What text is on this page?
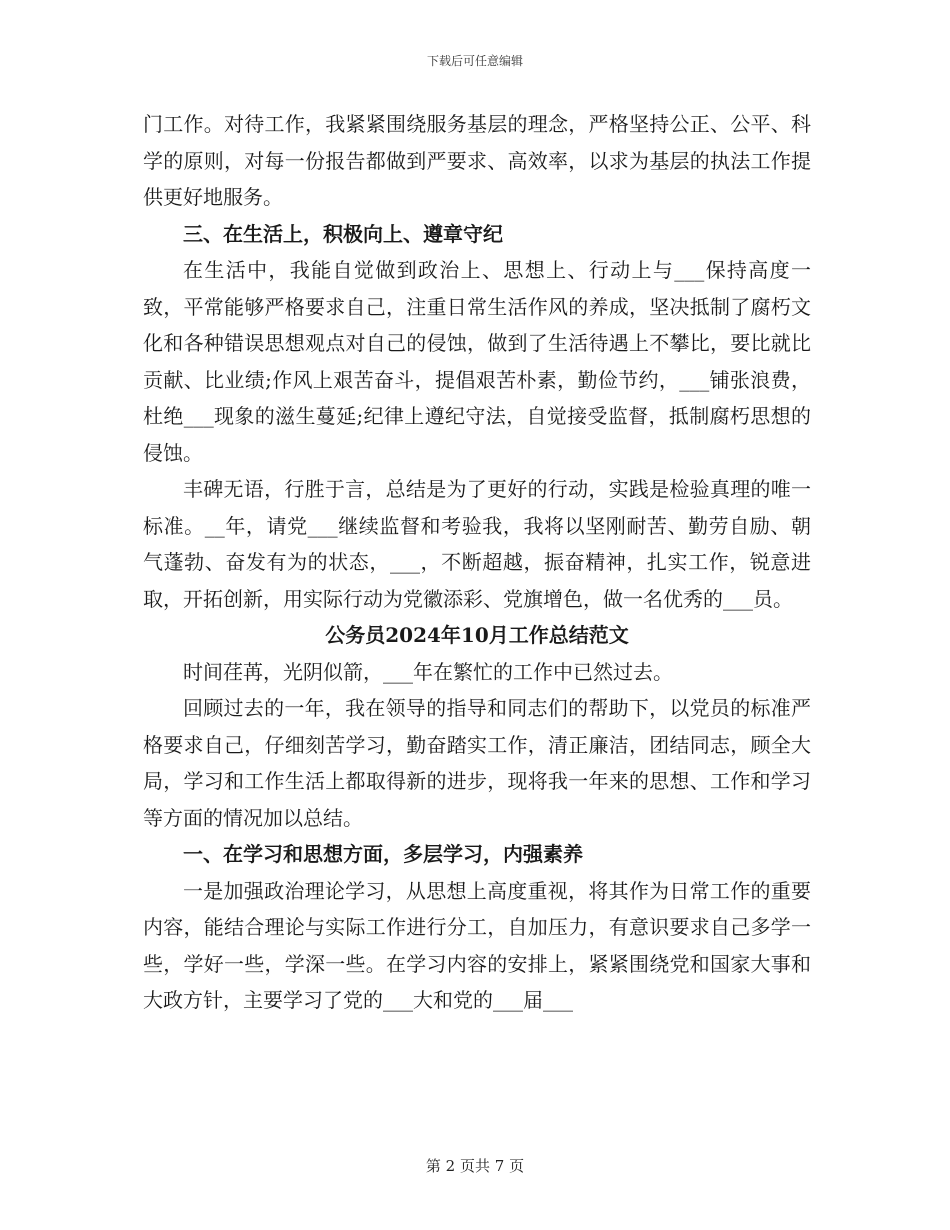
下载后可任意编辑

门工作。对待工作，我紧紧围绕服务基层的理念，严格坚持公正、公平、科学的原则，对每一份报告都做到严要求、高效率，以求为基层的执法工作提供更好地服务。

三、在生活上，积极向上、遵章守纪

在生活中，我能自觉做到政治上、思想上、行动上与___保持高度一致，平常能够严格要求自己，注重日常生活作风的养成，坚决抵制了腐朽文化和各种错误思想观点对自己的侵蚀，做到了生活待遇上不攀比，要比就比贡献、比业绩;作风上艰苦奋斗，提倡艰苦朴素，勤俭节约，___铺张浪费，杜绝___现象的滋生蔓延;纪律上遵纪守法，自觉接受监督，抵制腐朽思想的侵蚀。

丰碑无语，行胜于言，总结是为了更好的行动，实践是检验真理的唯一标准。__年，请党___继续监督和考验我，我将以坚刚耐苦、勤劳自励、朝气蓬勃、奋发有为的状态，___，不断超越，振奋精神，扎实工作，锐意进取，开拓创新，用实际行动为党徽添彩、党旗增色，做一名优秀的___员。

公务员2024年10月工作总结范文

时间荏苒，光阴似箭，___年在繁忙的工作中已然过去。

回顾过去的一年，我在领导的指导和同志们的帮助下，以党员的标准严格要求自己，仔细刻苦学习，勤奋踏实工作，清正廉洁，团结同志，顾全大局，学习和工作生活上都取得新的进步，现将我一年来的思想、工作和学习等方面的情况加以总结。

一、在学习和思想方面，多层学习，内强素养

一是加强政治理论学习，从思想上高度重视，将其作为日常工作的重要内容，能结合理论与实际工作进行分工，自加压力，有意识要求自己多学一些，学好一些，学深一些。在学习内容的安排上，紧紧围绕党和国家大事和大政方针，主要学习了党的___大和党的___届___

第 2 页共 7 页
